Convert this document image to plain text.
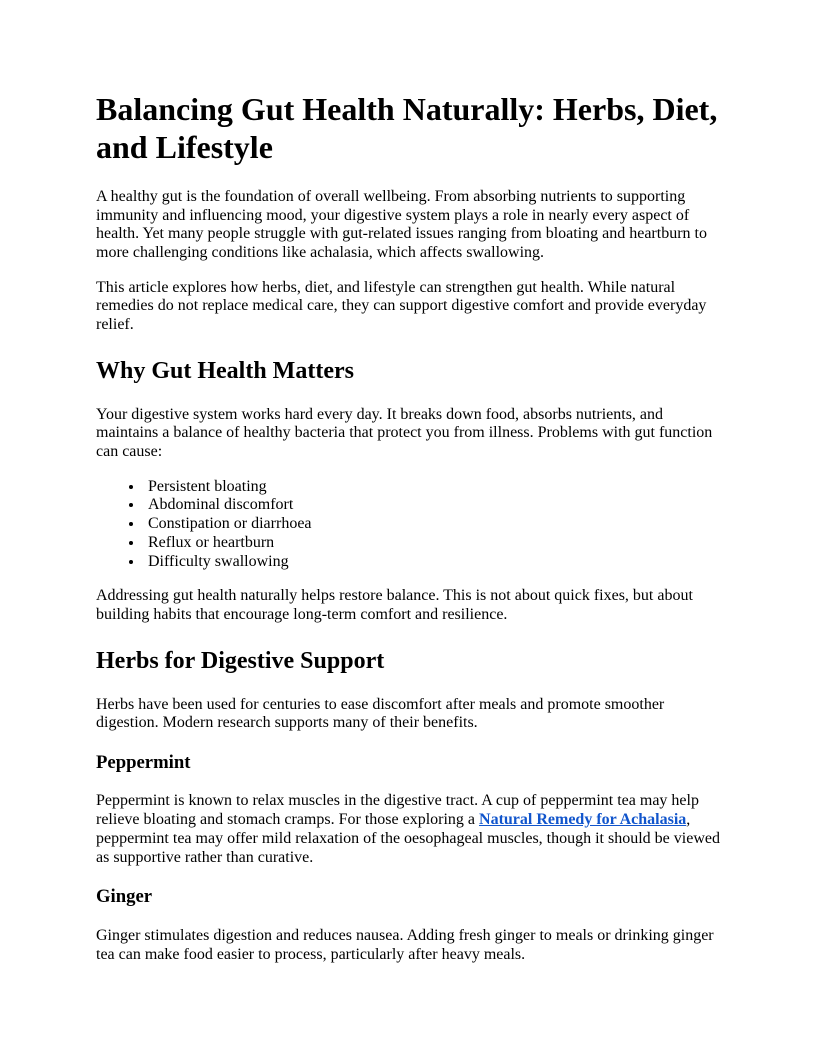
Balancing Gut Health Naturally: Herbs, Diet, and Lifestyle

A healthy gut is the foundation of overall wellbeing. From absorbing nutrients to supporting immunity and influencing mood, your digestive system plays a role in nearly every aspect of health. Yet many people struggle with gut-related issues ranging from bloating and heartburn to more challenging conditions like achalasia, which affects swallowing.

This article explores how herbs, diet, and lifestyle can strengthen gut health. While natural remedies do not replace medical care, they can support digestive comfort and provide everyday relief.

Why Gut Health Matters

Your digestive system works hard every day. It breaks down food, absorbs nutrients, and maintains a balance of healthy bacteria that protect you from illness. Problems with gut function can cause:

• Persistent bloating
• Abdominal discomfort
• Constipation or diarrhoea
• Reflux or heartburn
• Difficulty swallowing

Addressing gut health naturally helps restore balance. This is not about quick fixes, but about building habits that encourage long-term comfort and resilience.

Herbs for Digestive Support

Herbs have been used for centuries to ease discomfort after meals and promote smoother digestion. Modern research supports many of their benefits.

Peppermint

Peppermint is known to relax muscles in the digestive tract. A cup of peppermint tea may help relieve bloating and stomach cramps. For those exploring a Natural Remedy for Achalasia, peppermint tea may offer mild relaxation of the oesophageal muscles, though it should be viewed as supportive rather than curative.

Ginger

Ginger stimulates digestion and reduces nausea. Adding fresh ginger to meals or drinking ginger tea can make food easier to process, particularly after heavy meals.
